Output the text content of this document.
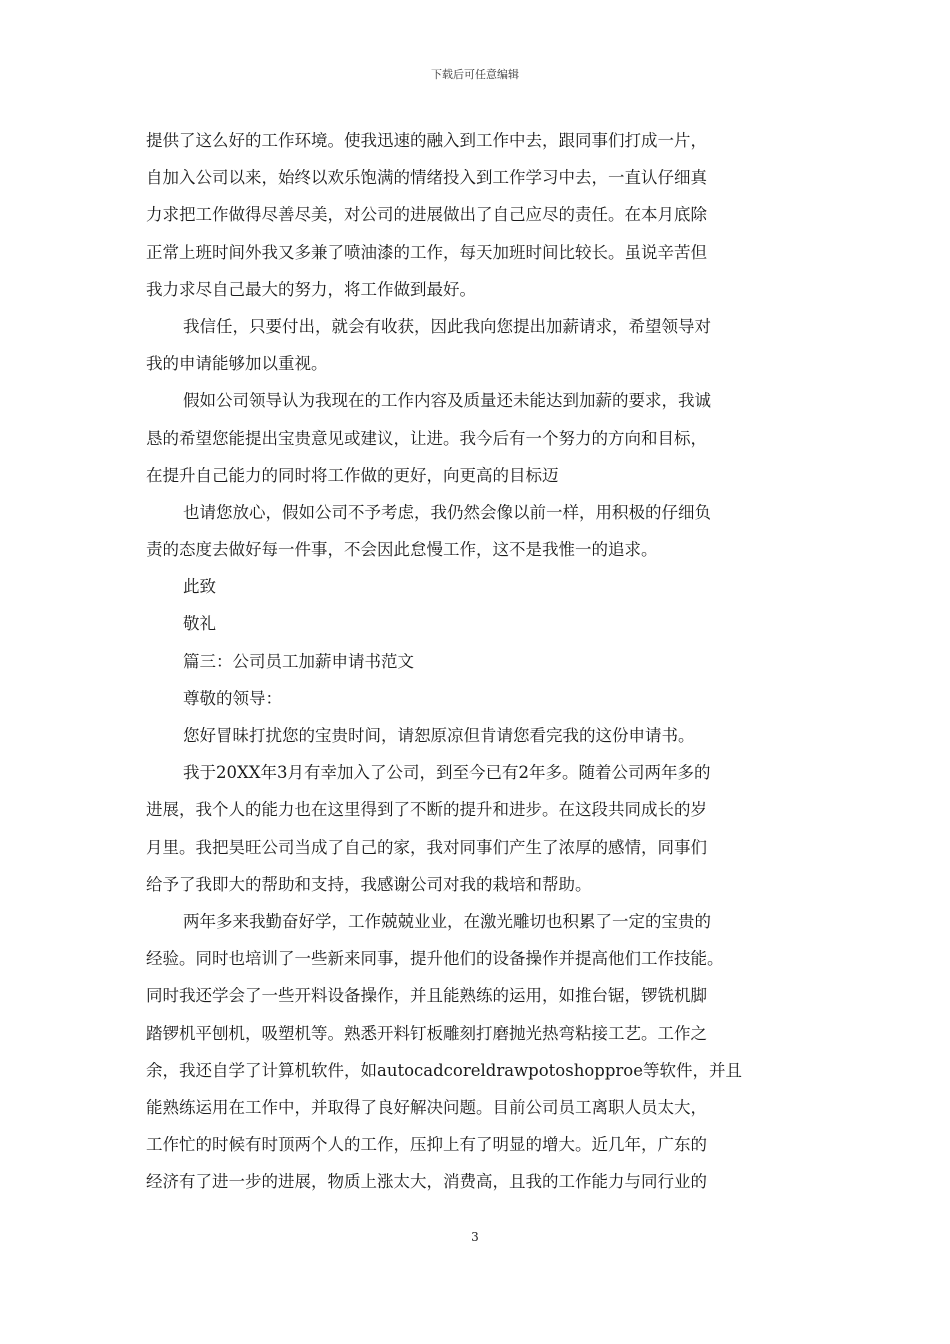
下载后可任意编辑
提供了这么好的工作环境。使我迅速的融入到工作中去，跟同事们打成一片，
自加入公司以来，始终以欢乐饱满的情绪投入到工作学习中去，一直认仔细真
力求把工作做得尽善尽美，对公司的进展做出了自己应尽的责任。在本月底除
正常上班时间外我又多兼了喷油漆的工作，每天加班时间比较长。虽说辛苦但
我力求尽自己最大的努力，将工作做到最好。
我信任，只要付出，就会有收获，因此我向您提出加薪请求，希望领导对
我的申请能够加以重视。
假如公司领导认为我现在的工作内容及质量还未能达到加薪的要求，我诚
恳的希望您能提出宝贵意见或建议，让进。我今后有一个努力的方向和目标，
在提升自己能力的同时将工作做的更好，向更高的目标迈
也请您放心，假如公司不予考虑，我仍然会像以前一样，用积极的仔细负
责的态度去做好每一件事，不会因此怠慢工作，这不是我惟一的追求。
此致
敬礼
篇三：公司员工加薪申请书范文
尊敬的领导：
您好冒昧打扰您的宝贵时间，请恕原凉但肯请您看完我的这份申请书。
我于20XX年3月有幸加入了公司，到至今已有2年多。随着公司两年多的
进展，我个人的能力也在这里得到了不断的提升和进步。在这段共同成长的岁
月里。我把昊旺公司当成了自己的家，我对同事们产生了浓厚的感情，同事们
给予了我即大的帮助和支持，我感谢公司对我的栽培和帮助。
两年多来我勤奋好学，工作兢兢业业，在激光雕切也积累了一定的宝贵的
经验。同时也培训了一些新来同事，提升他们的设备操作并提高他们工作技能。
同时我还学会了一些开料设备操作，并且能熟练的运用，如推台锯，锣铣机脚
踏锣机平刨机，吸塑机等。熟悉开料钉板雕刻打磨抛光热弯粘接工艺。工作之
余，我还自学了计算机软件，如autocadcoreldrawpotoshopproe等软件，并且
能熟练运用在工作中，并取得了良好解决问题。目前公司员工离职人员太大，
工作忙的时候有时顶两个人的工作，压抑上有了明显的增大。近几年，广东的
经济有了进一步的进展，物质上涨太大，消费高，且我的工作能力与同行业的
3
